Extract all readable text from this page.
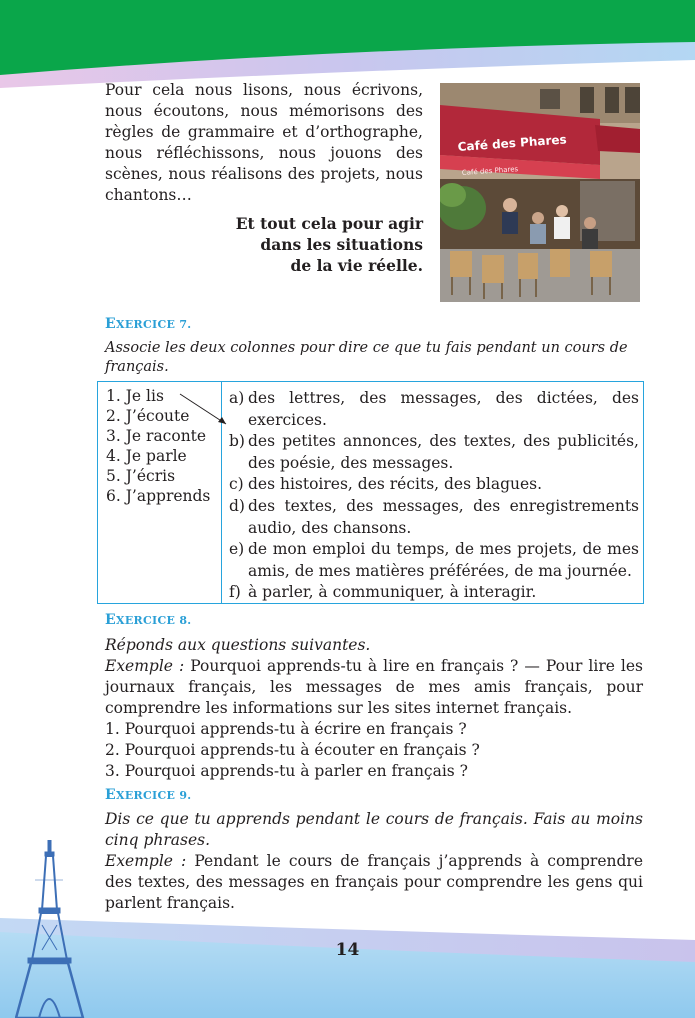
Pour cela nous lisons, nous écrivons, nous écoutons, nous mémorisons des règles de grammaire et d’orthographe, nous réfléchissons, nous jouons des scènes, nous réalisons des projets, nous chantons…
Et tout cela pour agir
dans les situations
de la vie réelle.
Café des Phares
Café des Phares
EXERCICE 7.
Associe les deux colonnes pour dire ce que tu fais pendant un cours de français.
1. Je lis
2. J’écoute
3. Je raconte
4. Je parle
5. J’écris
6. J’apprends
a) des lettres, des messages, des dictées, des exercices.
b) des petites annonces, des textes, des publicités, des poésie, des messages.
c) des histoires, des récits, des blagues.
d) des textes, des messages, des enregistrements audio, des chansons.
e) de mon emploi du temps, de mes projets, de mes amis, de mes matières préférées, de ma journée.
f) à parler, à communiquer, à interagir.
EXERCICE 8.
Réponds aux questions suivantes.
Exemple : Pourquoi apprends-tu à lire en français ? — Pour lire les journaux français, les messages de mes amis français, pour comprendre les informations sur les sites internet français.
1. Pourquoi apprends-tu à écrire en français ?
2. Pourquoi apprends-tu à écouter en français ?
3. Pourquoi apprends-tu à parler en français ?
EXERCICE 9.
Dis ce que tu apprends pendant le cours de français. Fais au moins cinq phrases.
Exemple : Pendant le cours de français j’apprends à comprendre des textes, des messages en français pour comprendre les gens qui parlent français.
14
